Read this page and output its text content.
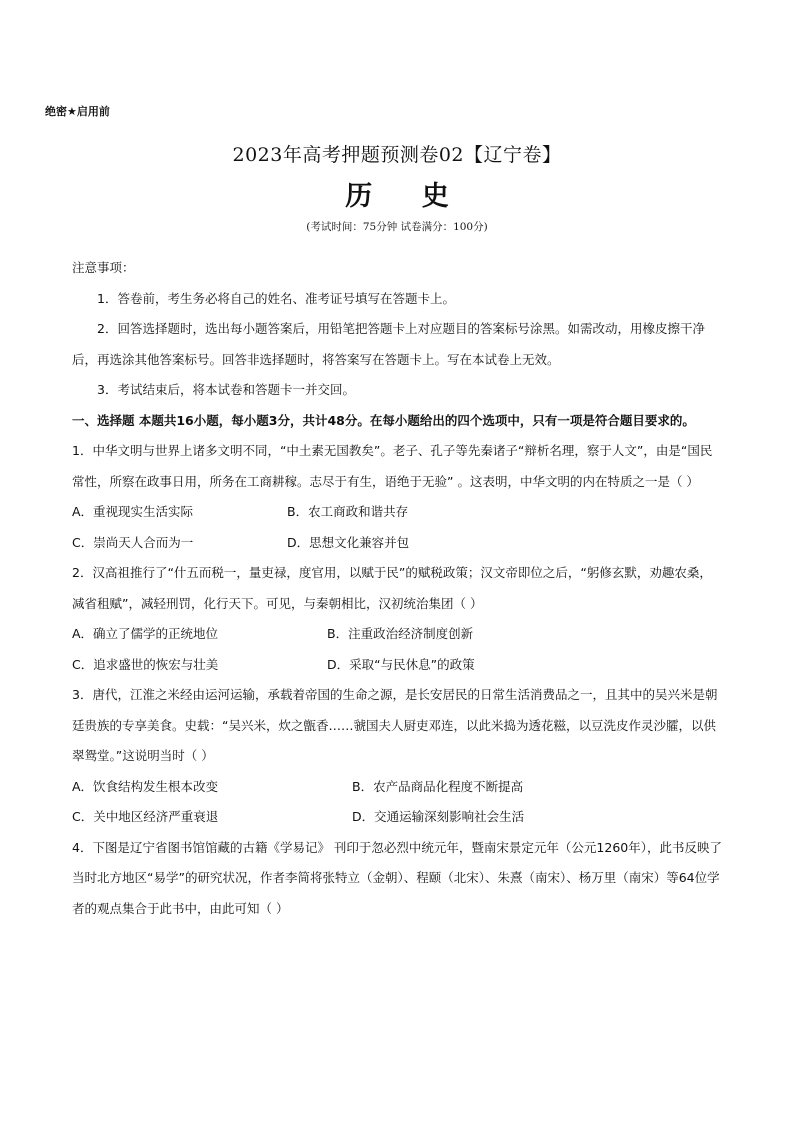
绝密★启用前
2023年高考押题预测卷02【辽宁卷】
历 史
(考试时间：75分钟 试卷满分：100分)

注意事项：

1．答卷前，考生务必将自己的姓名、准考证号填写在答题卡上。

2．回答选择题时，选出每小题答案后，用铅笔把答题卡上对应题目的答案标号涂黑。如需改动，用橡皮擦干净后，再选涂其他答案标号。回答非选择题时，将答案写在答题卡上。写在本试卷上无效。

3．考试结束后，将本试卷和答题卡一并交回。

一、选择题 本题共16小题，每小题3分，共计48分。在每小题给出的四个选项中，只有一项是符合题目要求的。

1．中华文明与世界上诸多文明不同，“中土素无国教矣”。老子、孔子等先秦诸子“辩析名理，察于人文”，由是“国民常性，所察在政事日用，所务在工商耕稼。志尽于有生，语绝于无验” 。这表明，中华文明的内在特质之一是（ ）

A．重视现实生活实际	B．农工商政和谐共存
C．崇尚天人合而为一	D．思想文化兼容并包

2．汉高祖推行了“什五而税一，量吏禄，度官用，以赋于民”的赋税政策；汉文帝即位之后，“躬修玄默，劝趣农桑，减省租赋”，减轻刑罚，化行天下。可见，与秦朝相比，汉初统治集团（ ）

A．确立了儒学的正统地位	B．注重政治经济制度创新
C．追求盛世的恢宏与壮美	D．采取“与民休息”的政策

3．唐代，江淮之米经由运河运输，承载着帝国的生命之源，是长安居民的日常生活消费品之一，且其中的吴兴米是朝廷贵族的专享美食。史载：“吴兴米，炊之甑香……虢国夫人厨吏邓连，以此米捣为透花糍，以豆洗皮作灵沙臛，以供翠鸳堂。”这说明当时（ ）

A．饮食结构发生根本改变	B．农产品商品化程度不断提高
C．关中地区经济严重衰退	D．交通运输深刻影响社会生活

4．下图是辽宁省图书馆馆藏的古籍《学易记》 刊印于忽必烈中统元年，暨南宋景定元年（公元1260年），此书反映了当时北方地区“易学”的研究状况，作者李简将张特立（金朝）、程颐（北宋）、朱熹（南宋）、杨万里（南宋）等64位学者的观点集合于此书中，由此可知（ ）
